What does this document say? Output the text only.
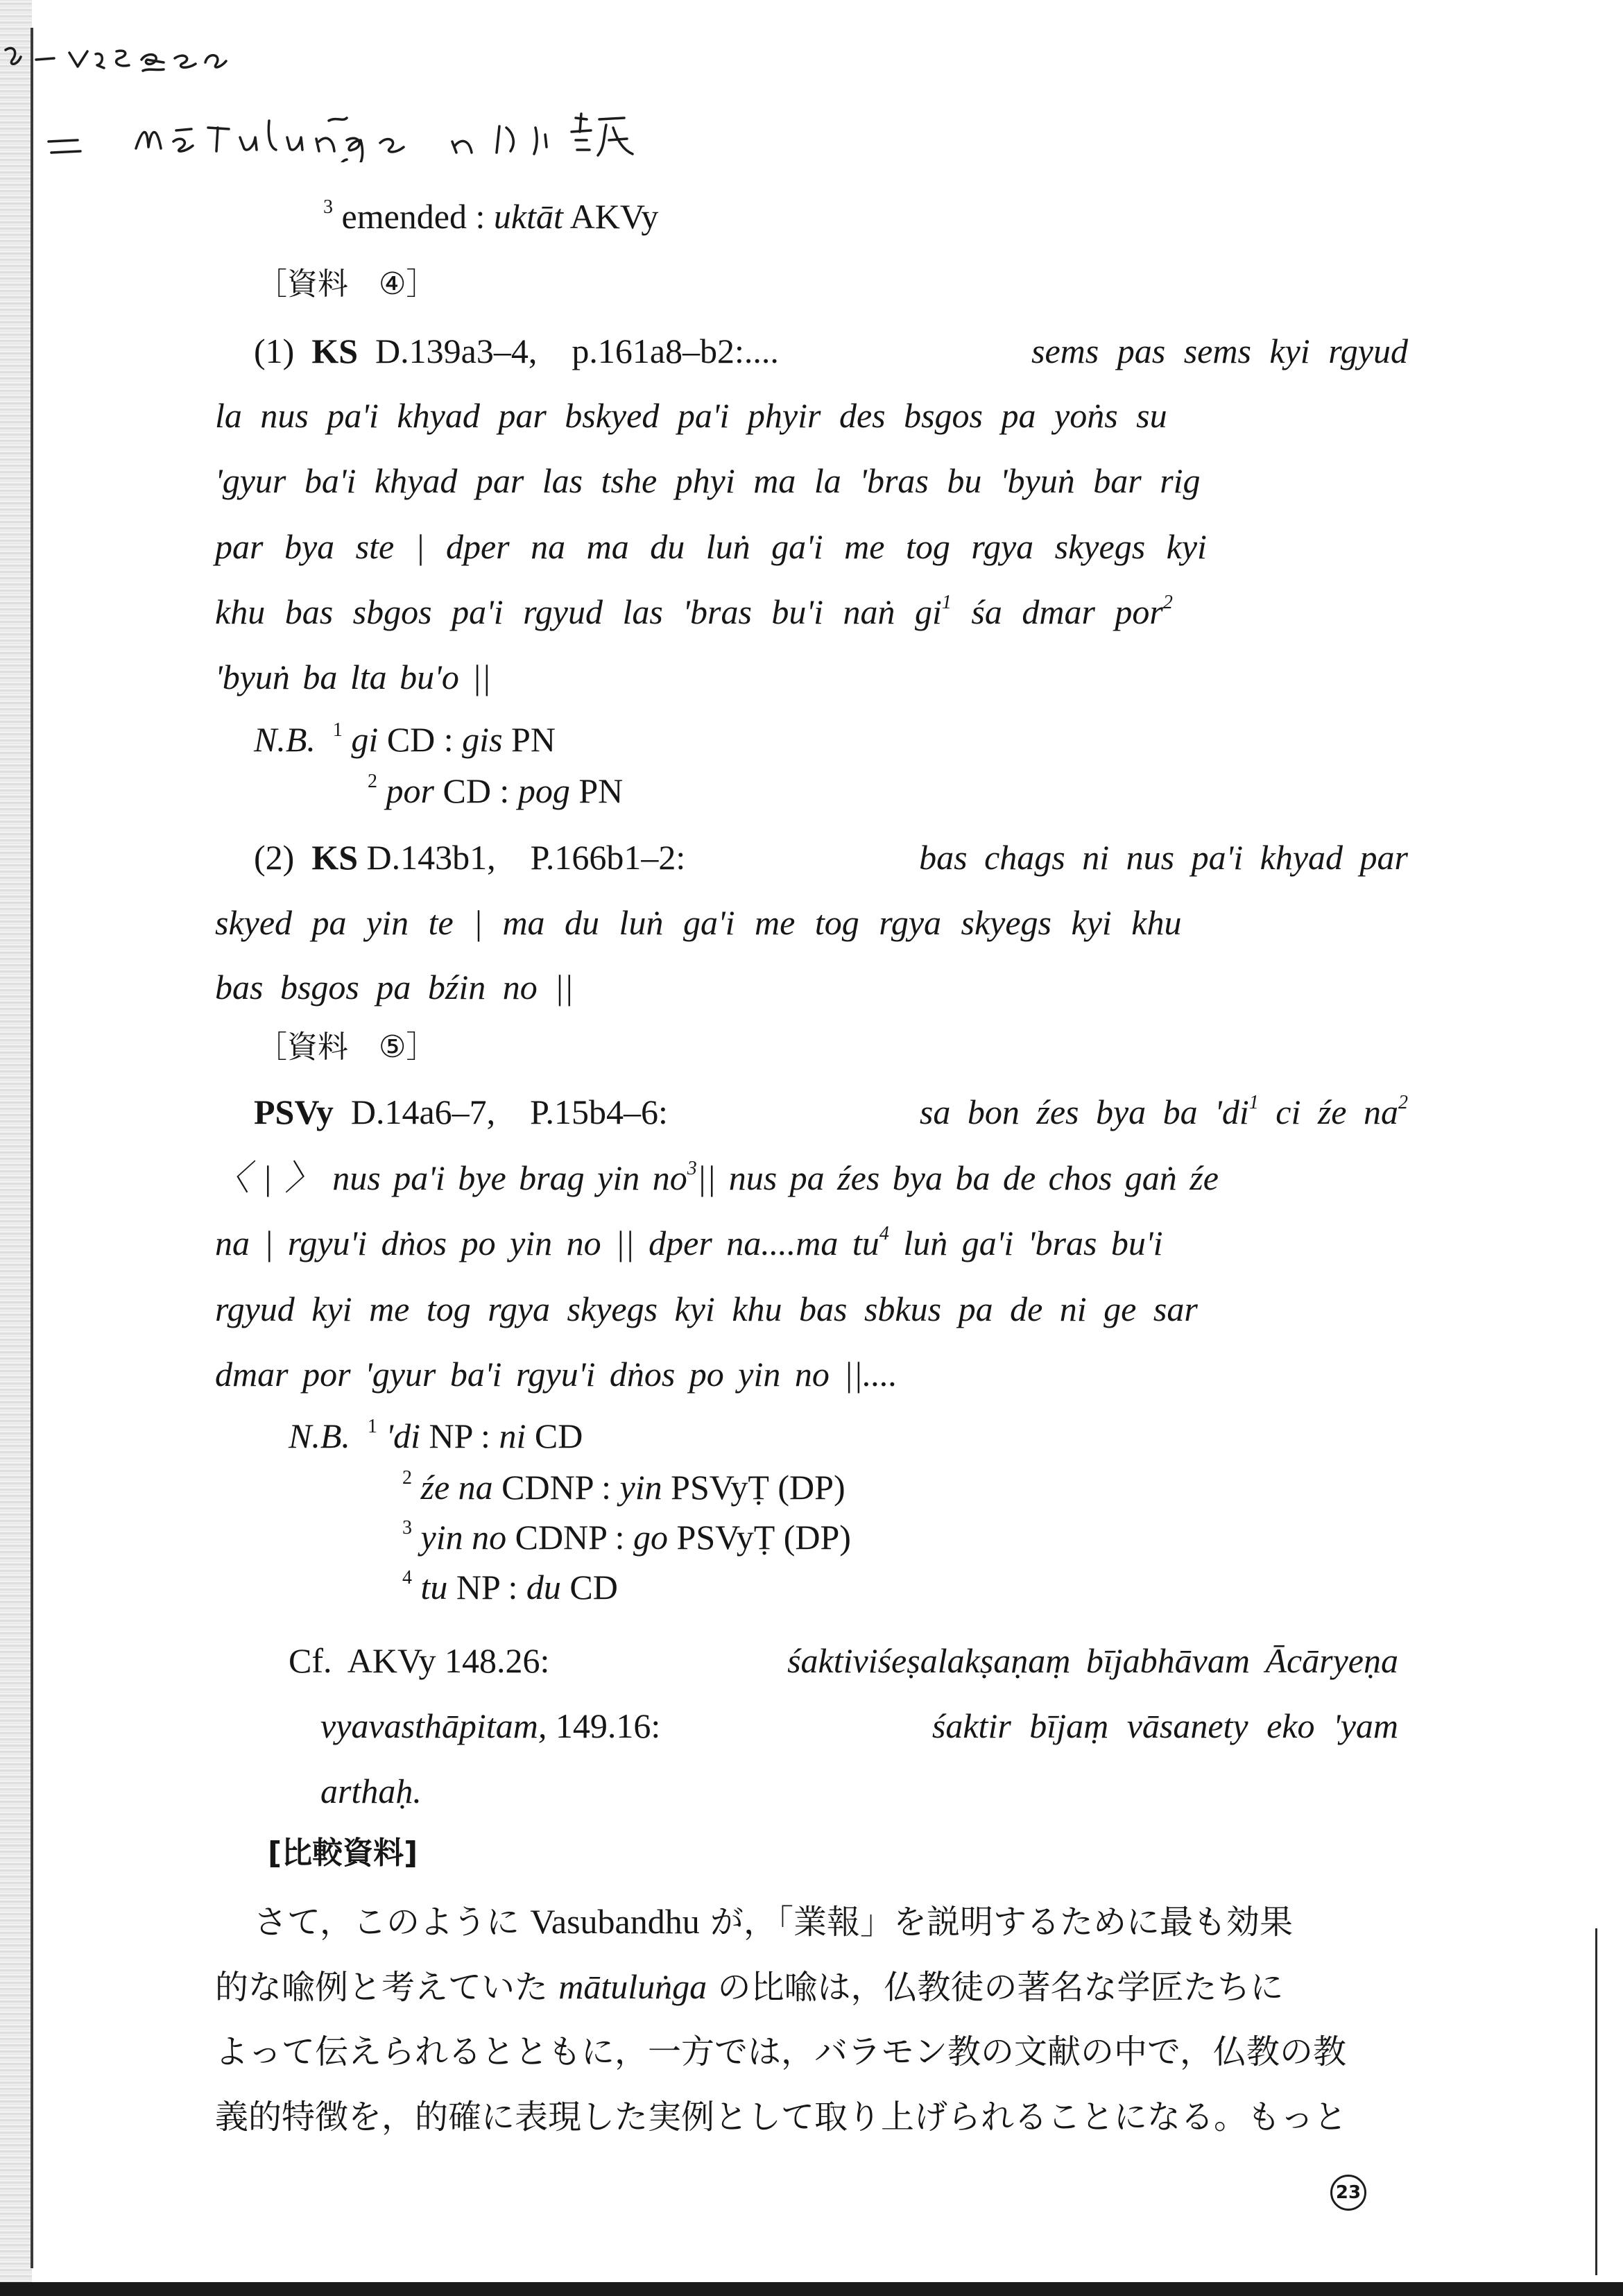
$^3$ emended : uktāt AKVy
［資料　④］
(1) KS D.139a3–4,　p.161a8–b2:....	sems pas sems kyi rgyud
la nus pa'i khyad par bskyed pa'i phyir des bsgos pa yoṅs su
'gyur ba'i khyad par las tshe phyi ma la 'bras bu 'byuṅ bar rig
par bya ste | dper na ma du luṅ ga'i me tog rgya skyegs kyi
khu bas sbgos pa'i rgyud las 'bras bu'i naṅ $gi^1$ śa dmar por$^2$
'byuṅ ba lta bu'o ||
N.B. $^1$ gi CD : gis PN
$^2$ por CD : pog PN
(2) KS D.143b1,　P.166b1–2:	bas chags ni nus pa'i khyad par
skyed pa yin te | ma du luṅ ga'i me tog rgya skyegs kyi khu
bas bsgos pa bźin no ||
［資料　⑤］
PSVy D.14a6–7,　P.15b4–6:	sa bon źes bya ba '$di^1$ ci źe $na^2$
〈 | 〉 nus pa'i bye brag yin $no^3||$ nus pa źes bya ba de chos gaṅ źe
na | rgyu'i dṅos po yin no || dper na....ma $tu^4$ luṅ ga'i 'bras bu'i
rgyud kyi me tog rgya skyegs kyi khu bas sbkus pa de ni ge sar
dmar por 'gyur ba'i rgyu'i dṅos po yin no ||....
N.B. $^1$ 'di NP : ni CD
$^2$ źe na CDNP : yin PSVyṬ (DP)
$^3$ yin no CDNP : go PSVyṬ (DP)
$^4$ tu NP : du CD
Cf. AKVy 148.26:	śaktiviśeṣalakṣaṇaṃ bījabhāvam Ācāryeṇa
vyavasthāpitam, 149.16:	śaktir bījaṃ vāsanety eko 'yam
arthaḥ.
[比較資料]
さて，このように Vasubandhu が，「業報」を説明するために最も効果
的な喩例と考えていた mātuluṅga の比喩は，仏教徒の著名な学匠たちに
よって伝えられるとともに，一方では，バラモン教の文献の中で，仏教の教
義的特徴を，的確に表現した実例として取り上げられることになる。もっと
23
